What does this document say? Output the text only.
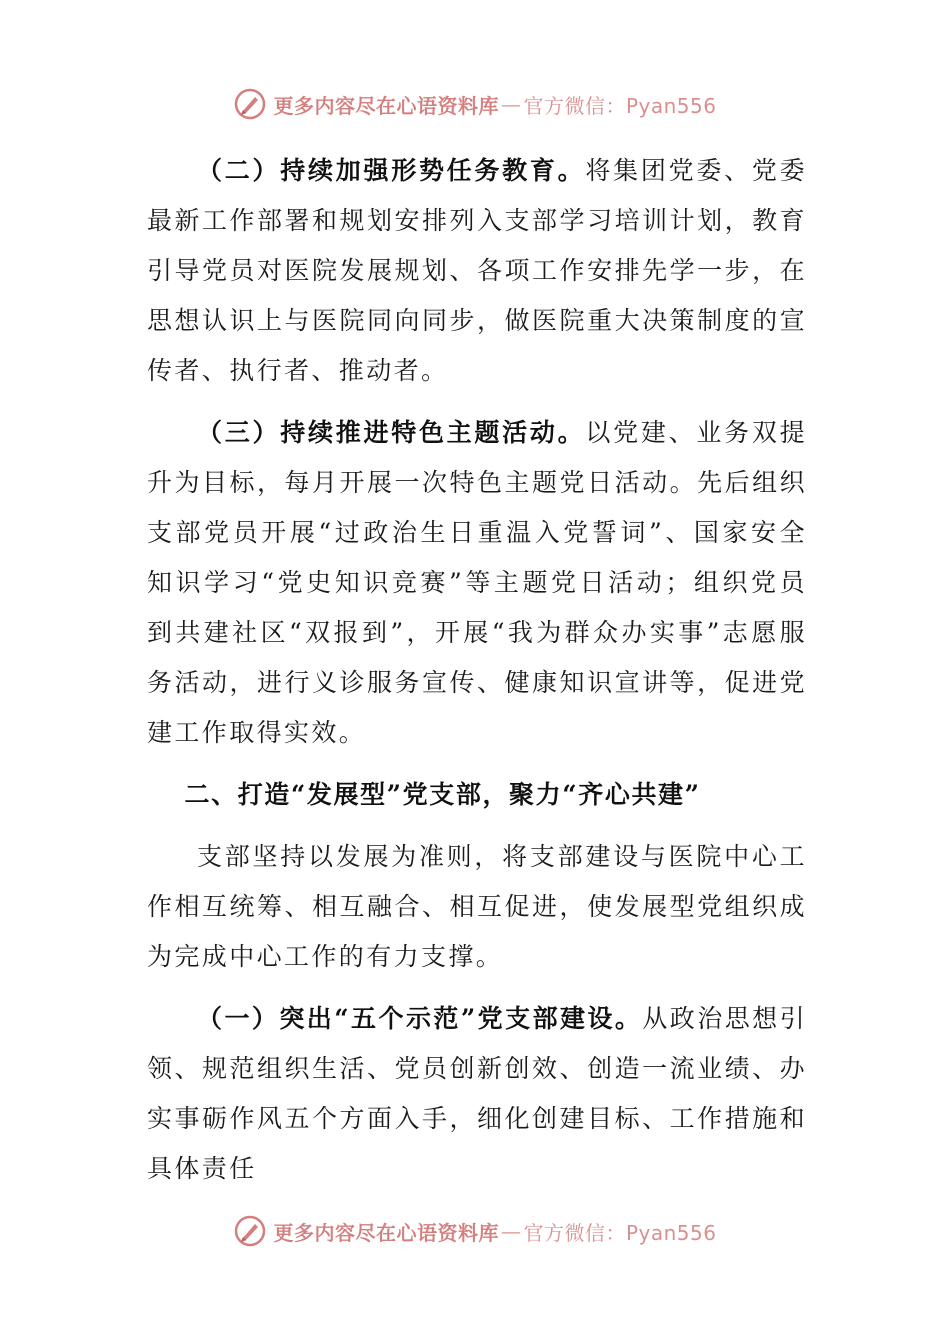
更多内容尽在心语资料库 — 官方微信：Pyan556

（二）持续加强形势任务教育。将集团党委、党委最新工作部署和规划安排列入支部学习培训计划，教育引导党员对医院发展规划、各项工作安排先学一步，在思想认识上与医院同向同步，做医院重大决策制度的宣传者、执行者、推动者。

（三）持续推进特色主题活动。以党建、业务双提升为目标，每月开展一次特色主题党日活动。先后组织支部党员开展“过政治生日重温入党誓词”、国家安全知识学习“党史知识竞赛”等主题党日活动；组织党员到共建社区“双报到”，开展“我为群众办实事”志愿服务活动，进行义诊服务宣传、健康知识宣讲等，促进党建工作取得实效。

二、打造“发展型”党支部，聚力“齐心共建”

支部坚持以发展为准则，将支部建设与医院中心工作相互统筹、相互融合、相互促进，使发展型党组织成为完成中心工作的有力支撑。

（一）突出“五个示范”党支部建设。从政治思想引领、规范组织生活、党员创新创效、创造一流业绩、办实事砺作风五个方面入手，细化创建目标、工作措施和具体责任

更多内容尽在心语资料库 — 官方微信：Pyan556
